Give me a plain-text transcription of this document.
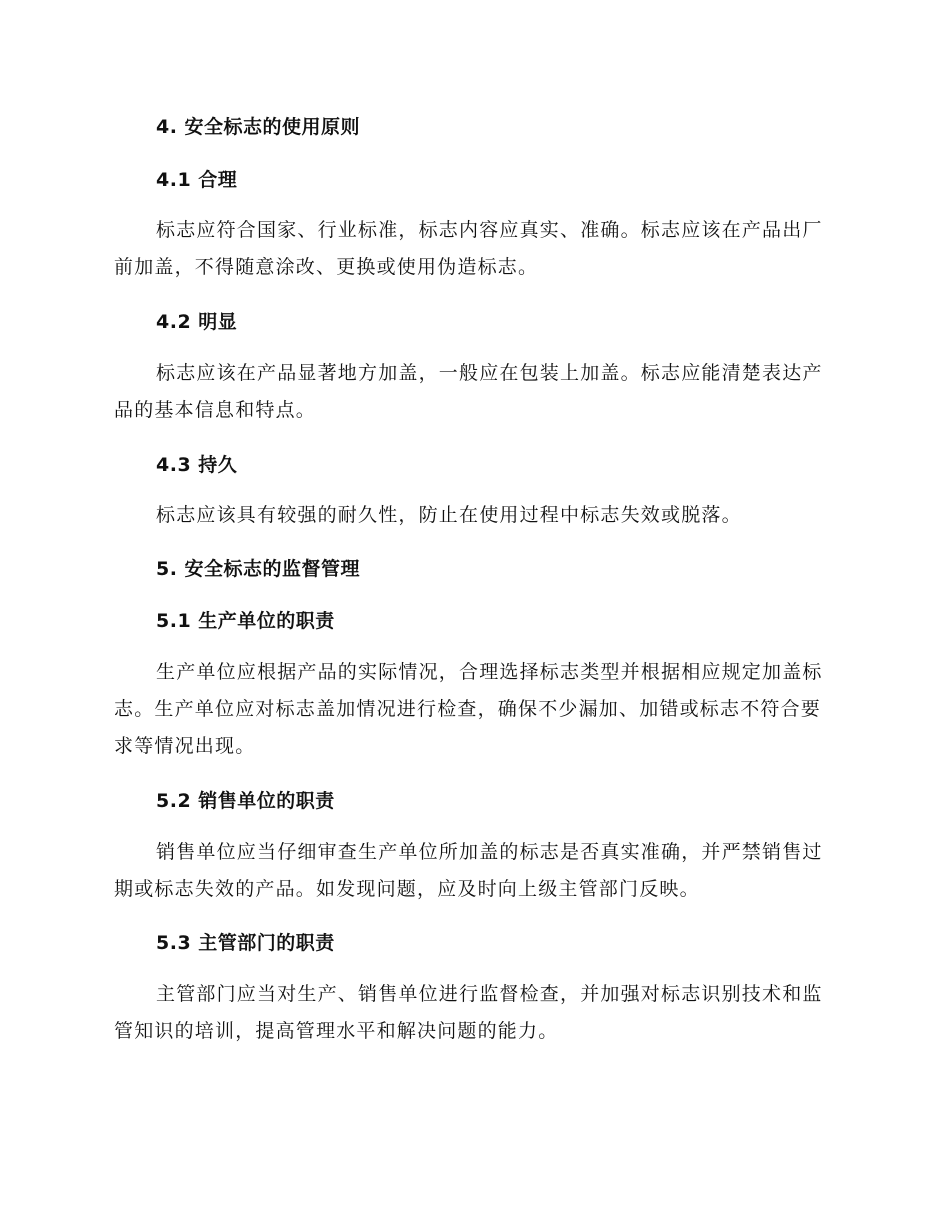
4. 安全标志的使用原则
4.1 合理
标志应符合国家、行业标准，标志内容应真实、准确。标志应该在产品出厂前加盖，不得随意涂改、更换或使用伪造标志。
4.2 明显
标志应该在产品显著地方加盖，一般应在包装上加盖。标志应能清楚表达产品的基本信息和特点。
4.3 持久
标志应该具有较强的耐久性，防止在使用过程中标志失效或脱落。
5. 安全标志的监督管理
5.1 生产单位的职责
生产单位应根据产品的实际情况，合理选择标志类型并根据相应规定加盖标志。生产单位应对标志盖加情况进行检查，确保不少漏加、加错或标志不符合要求等情况出现。
5.2 销售单位的职责
销售单位应当仔细审查生产单位所加盖的标志是否真实准确，并严禁销售过期或标志失效的产品。如发现问题，应及时向上级主管部门反映。
5.3 主管部门的职责
主管部门应当对生产、销售单位进行监督检查，并加强对标志识别技术和监管知识的培训，提高管理水平和解决问题的能力。
